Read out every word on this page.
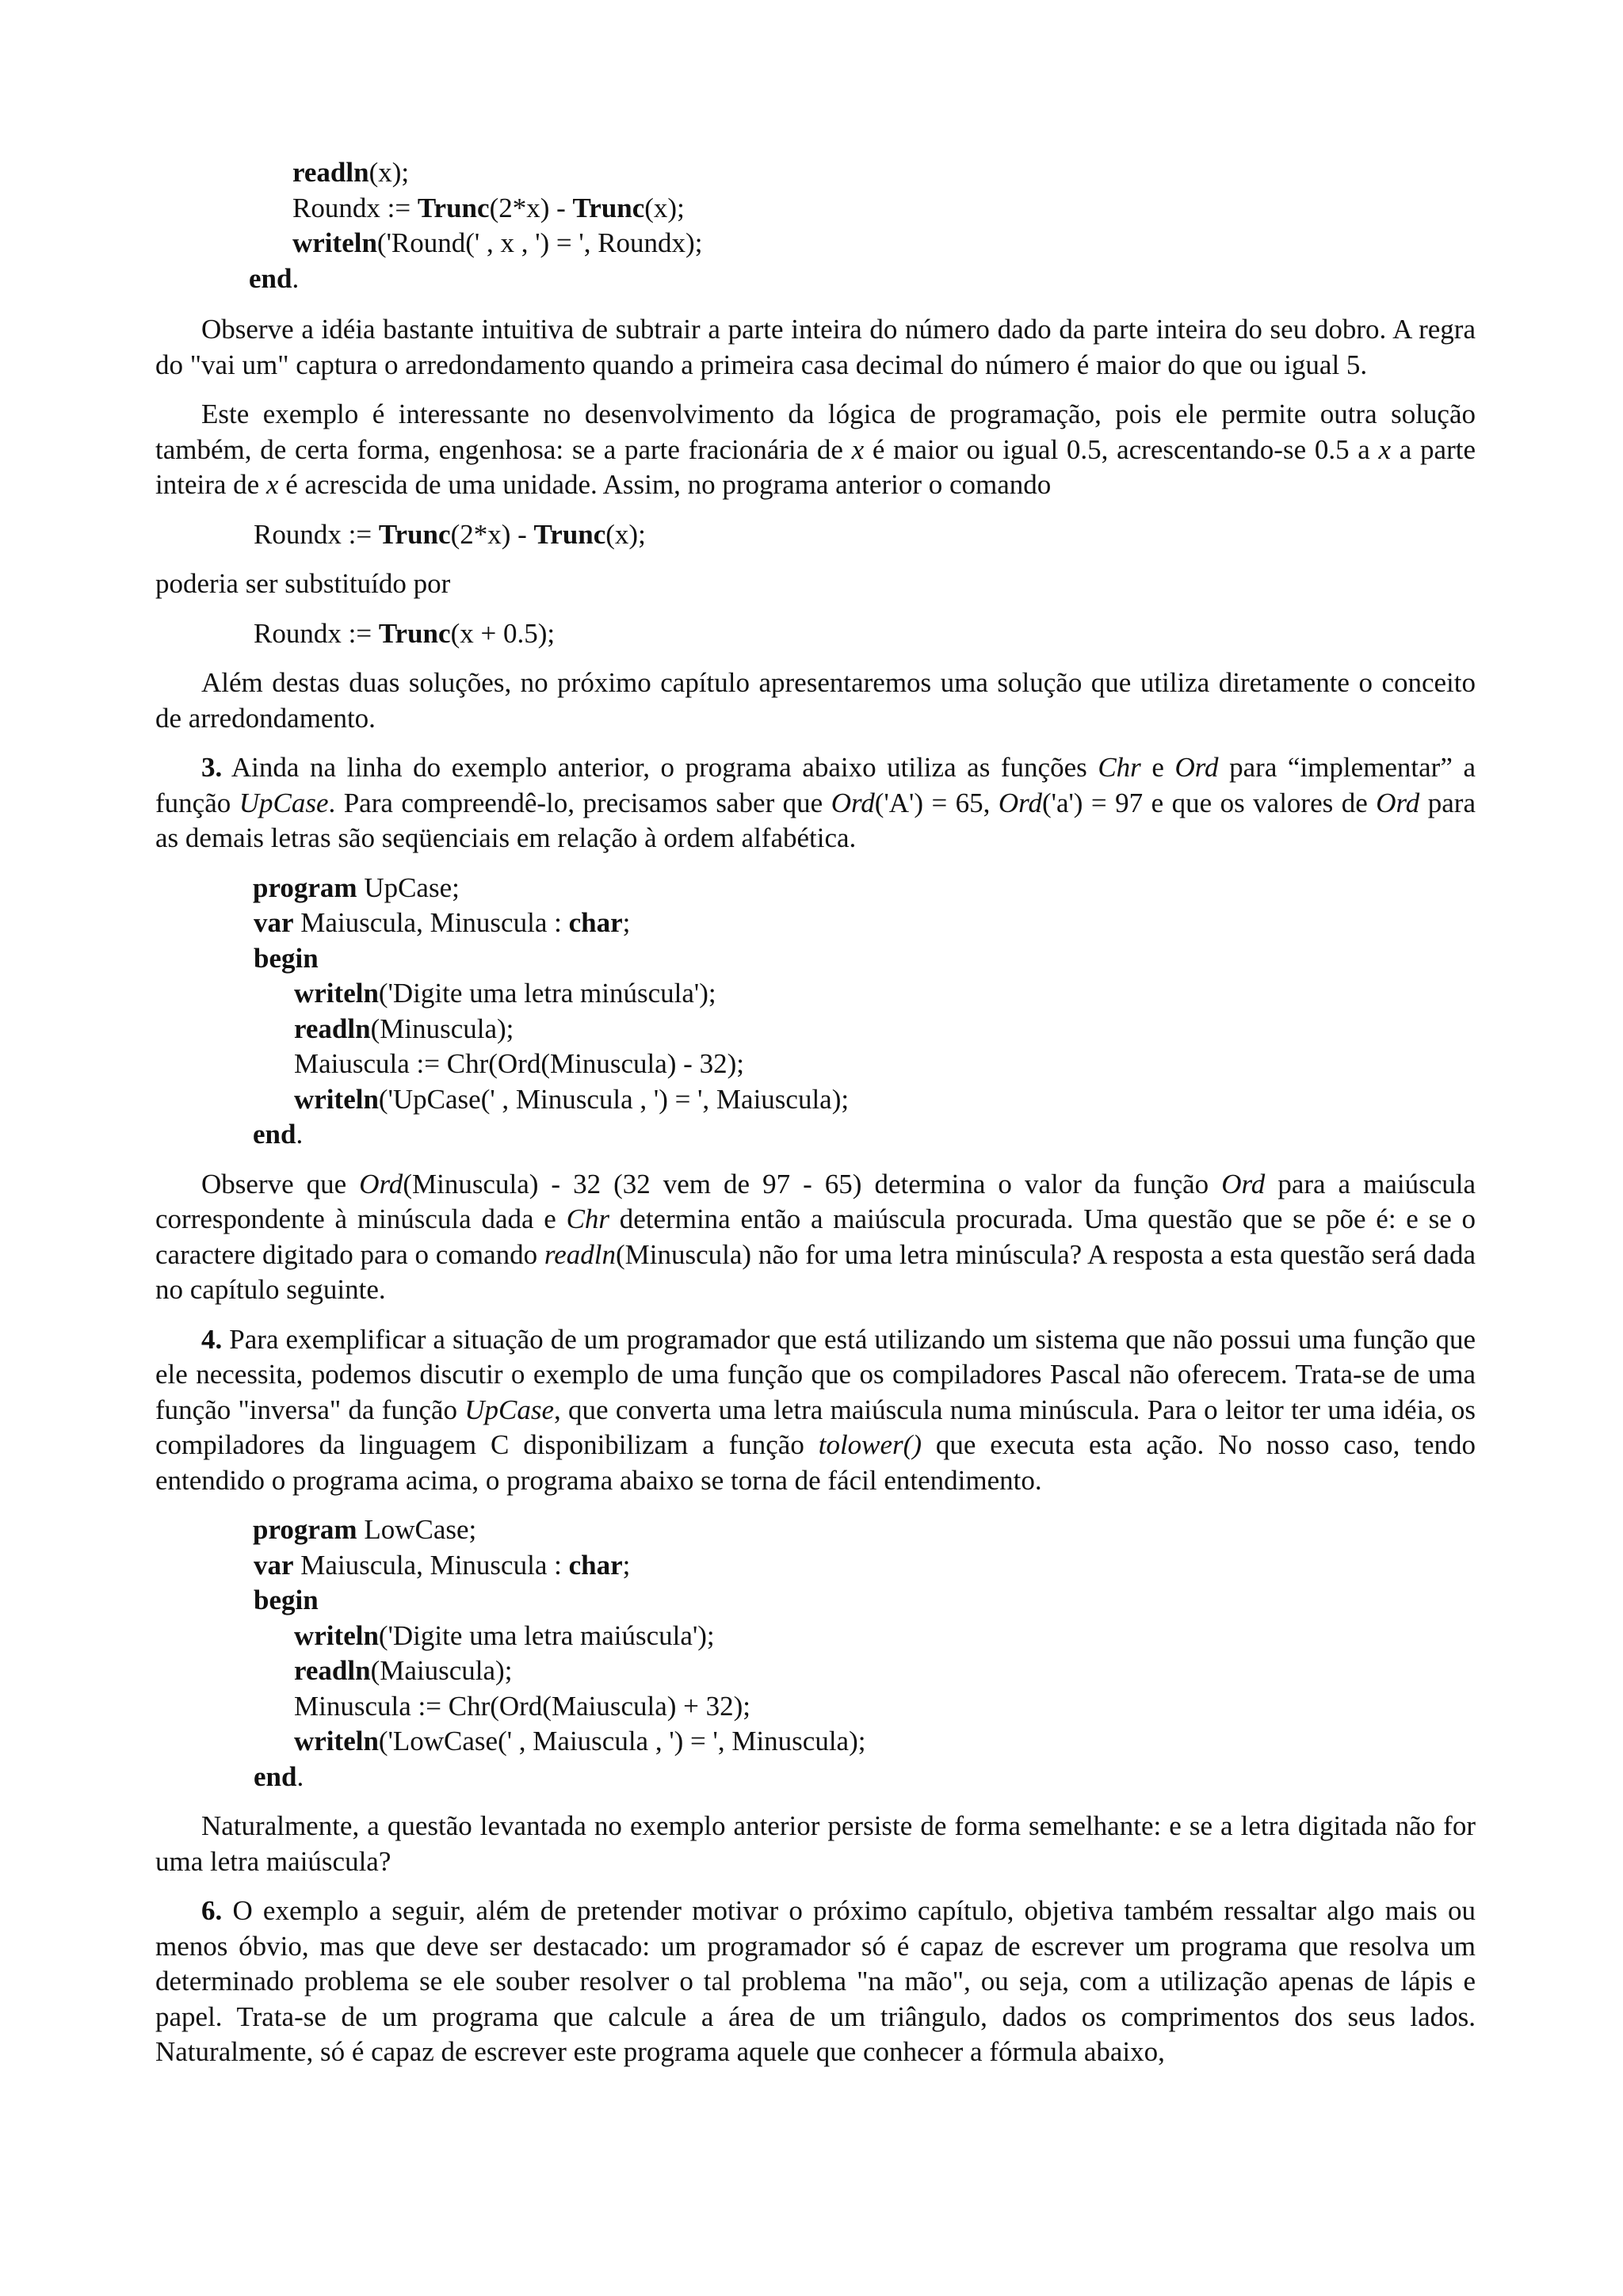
readln(x);
Roundx := Trunc(2*x) - Trunc(x);
writeln('Round(' , x , ') = ', Roundx);
end.

Observe a idéia bastante intuitiva de subtrair a parte inteira do número dado da parte inteira do seu dobro. A regra do "vai um" captura o arredondamento quando a primeira casa decimal do número é maior do que ou igual 5.

Este exemplo é interessante no desenvolvimento da lógica de programação, pois ele permite outra solução também, de certa forma, engenhosa: se a parte fracionária de x é maior ou igual 0.5, acrescentando-se 0.5 a x a parte inteira de x é acrescida de uma unidade. Assim, no programa anterior o comando

Roundx := Trunc(2*x) - Trunc(x);

poderia ser substituído por

Roundx := Trunc(x + 0.5);

Além destas duas soluções, no próximo capítulo apresentaremos uma solução que utiliza diretamente o conceito de arredondamento.

3. Ainda na linha do exemplo anterior, o programa abaixo utiliza as funções Chr e Ord para “implementar” a função UpCase. Para compreendê-lo, precisamos saber que Ord('A') = 65, Ord('a') = 97 e que os valores de Ord para as demais letras são seqüenciais em relação à ordem alfabética.

program UpCase;
var Maiuscula, Minuscula : char;
begin
writeln('Digite uma letra minúscula');
readln(Minuscula);
Maiuscula := Chr(Ord(Minuscula) - 32);
writeln('UpCase(' , Minuscula , ') = ', Maiuscula);
end.

Observe que Ord(Minuscula) - 32 (32 vem de 97 - 65) determina o valor da função Ord para a maiúscula correspondente à minúscula dada e Chr determina então a maiúscula procurada. Uma questão que se põe é: e se o caractere digitado para o comando readln(Minuscula) não for uma letra minúscula? A resposta a esta questão será dada no capítulo seguinte.

4. Para exemplificar a situação de um programador que está utilizando um sistema que não possui uma função que ele necessita, podemos discutir o exemplo de uma função que os compiladores Pascal não oferecem. Trata-se de uma função "inversa" da função UpCase, que converta uma letra maiúscula numa minúscula. Para o leitor ter uma idéia, os compiladores da linguagem C disponibilizam a função tolower() que executa esta ação. No nosso caso, tendo entendido o programa acima, o programa abaixo se torna de fácil entendimento.

program LowCase;
var Maiuscula, Minuscula : char;
begin
writeln('Digite uma letra maiúscula');
readln(Maiuscula);
Minuscula := Chr(Ord(Maiuscula) + 32);
writeln('LowCase(' , Maiuscula , ') = ', Minuscula);
end.

Naturalmente, a questão levantada no exemplo anterior persiste de forma semelhante: e se a letra digitada não for uma letra maiúscula?

6. O exemplo a seguir, além de pretender motivar o próximo capítulo, objetiva também ressaltar algo mais ou menos óbvio, mas que deve ser destacado: um programador só é capaz de escrever um programa que resolva um determinado problema se ele souber resolver o tal problema "na mão", ou seja, com a utilização apenas de lápis e papel. Trata-se de um programa que calcule a área de um triângulo, dados os comprimentos dos seus lados. Naturalmente, só é capaz de escrever este programa aquele que conhecer a fórmula abaixo,
